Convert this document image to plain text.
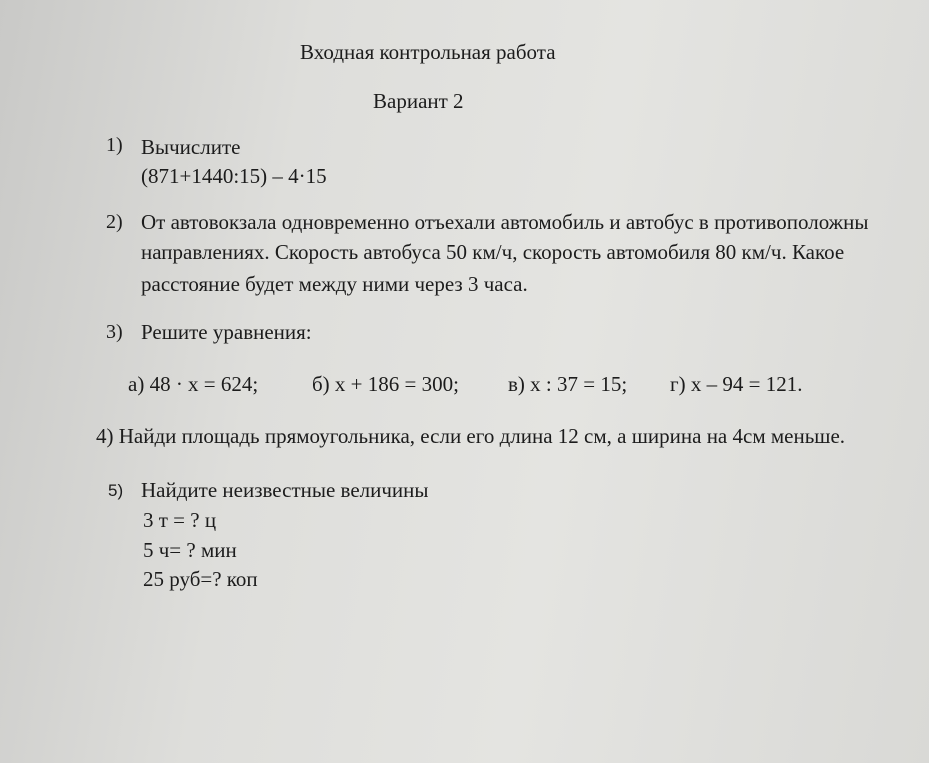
Входная контрольная работа
Вариант 2
1) Вычислите
(871+1440:15) – 4·15
2) От автовокзала одновременно отъехали автомобиль и автобус в противоположны
направлениях. Скорость автобуса 50 км/ч, скорость автомобиля 80 км/ч. Какое
расстояние будет между ними через 3 часа.
3) Решите уравнения:
а) 48 · х = 624;	б) х + 186 = 300; в) х : 37 = 15; г) х – 94 = 121.
4) Найди площадь прямоугольника, если его длина 12 см, а ширина на 4см меньше.
5) Найдите неизвестные величины
3 т = ? ц
5 ч= ? мин
25 руб=? коп
